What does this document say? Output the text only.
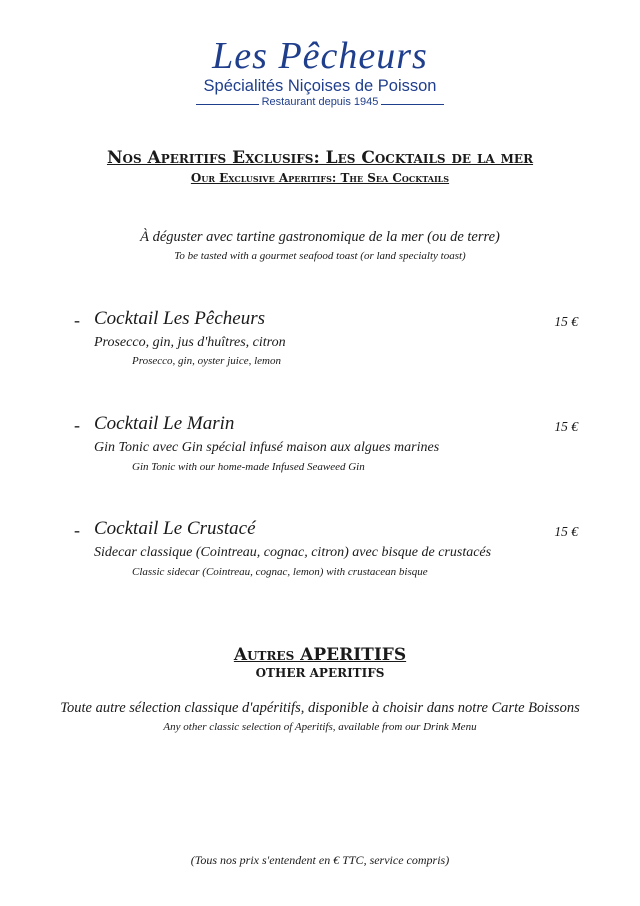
Les Pêcheurs
Spécialités Niçoises de Poisson
Restaurant depuis 1945
Nos Aperitifs Exclusifs: Les Cocktails de la mer
Our Exclusive Aperitifs: The Sea Cocktails
À déguster avec tartine gastronomique de la mer (ou de terre)
To be tasted with a gourmet seafood toast (or land specialty toast)
- Cocktail Les Pêcheurs	15 €
Prosecco, gin, jus d'huîtres, citron
Prosecco, gin, oyster juice, lemon
- Cocktail Le Marin	15 €
Gin Tonic avec Gin spécial infusé maison aux algues marines
Gin Tonic with our home-made Infused Seaweed Gin
- Cocktail Le Crustacé	15 €
Sidecar classique (Cointreau, cognac, citron) avec bisque de crustacés
Classic sidecar (Cointreau, cognac, lemon) with crustacean bisque
Autres APERITIFS
OTHER APERITIFS
Toute autre sélection classique d'apéritifs, disponible à choisir dans notre Carte Boissons
Any other classic selection of Aperitifs, available from our Drink Menu
(Tous nos prix s'entendent en € TTC, service compris)
